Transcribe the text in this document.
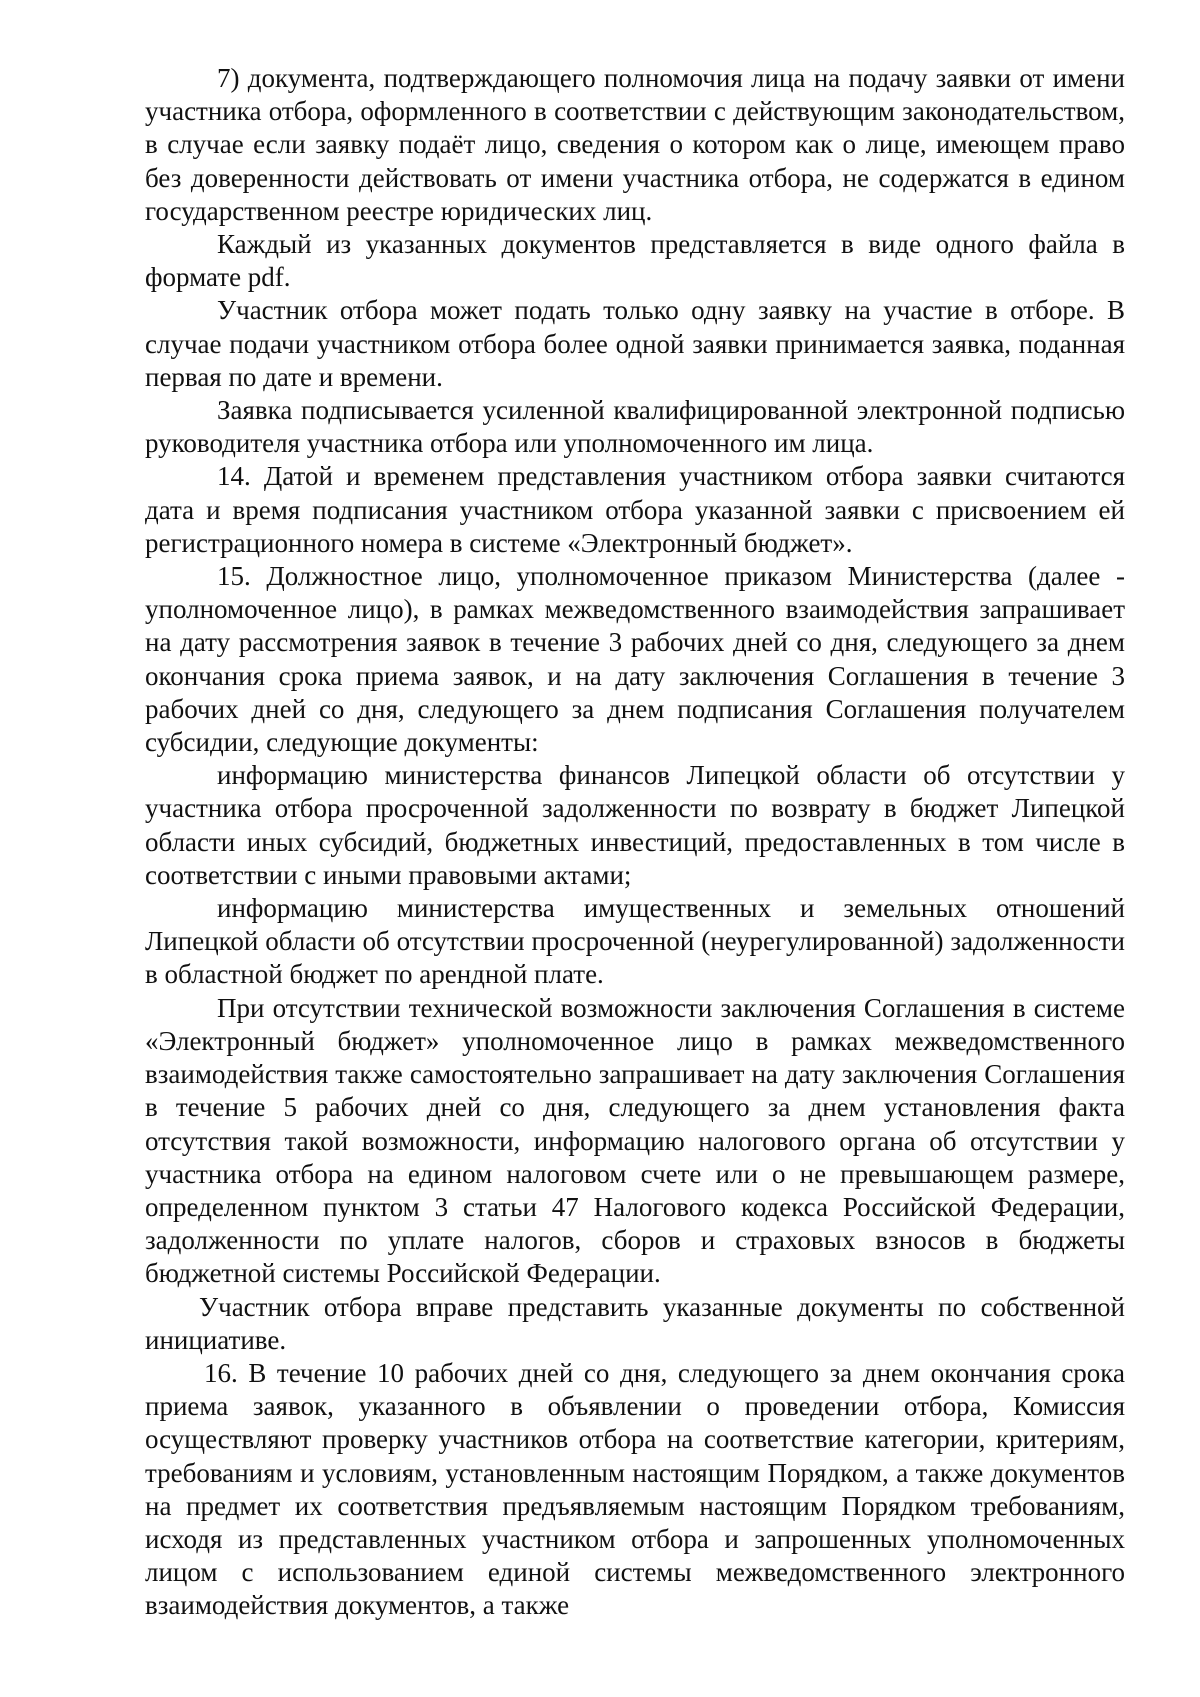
7) документа, подтверждающего полномочия лица на подачу заявки от имени участника отбора, оформленного в соответствии с действующим законодательством, в случае если заявку подаёт лицо, сведения о котором как о лице, имеющем право без доверенности действовать от имени участника отбора, не содержатся в едином государственном реестре юридических лиц.

Каждый из указанных документов представляется в виде одного файла в формате pdf.

Участник отбора может подать только одну заявку на участие в отборе. В случае подачи участником отбора более одной заявки принимается заявка, поданная первая по дате и времени.

Заявка подписывается усиленной квалифицированной электронной подписью руководителя участника отбора или уполномоченного им лица.

14. Датой и временем представления участником отбора заявки считаются дата и время подписания участником отбора указанной заявки с присвоением ей регистрационного номера в системе «Электронный бюджет».

15. Должностное лицо, уполномоченное приказом Министерства (далее - уполномоченное лицо), в рамках межведомственного взаимодействия запрашивает на дату рассмотрения заявок в течение 3 рабочих дней со дня, следующего за днем окончания срока приема заявок, и на дату заключения Соглашения в течение 3 рабочих дней со дня, следующего за днем подписания Соглашения получателем субсидии, следующие документы:

информацию министерства финансов Липецкой области об отсутствии у участника отбора просроченной задолженности по возврату в бюджет Липецкой области иных субсидий, бюджетных инвестиций, предоставленных в том числе в соответствии с иными правовыми актами;

информацию министерства имущественных и земельных отношений Липецкой области об отсутствии просроченной (неурегулированной) задолженности в областной бюджет по арендной плате.

При отсутствии технической возможности заключения Соглашения в системе «Электронный бюджет» уполномоченное лицо в рамках межведомственного взаимодействия также самостоятельно запрашивает на дату заключения Соглашения в течение 5 рабочих дней со дня, следующего за днем установления факта отсутствия такой возможности, информацию налогового органа об отсутствии у участника отбора на едином налоговом счете или о не превышающем размере, определенном пунктом 3 статьи 47 Налогового кодекса Российской Федерации, задолженности по уплате налогов, сборов и страховых взносов в бюджеты бюджетной системы Российской Федерации.

Участник отбора вправе представить указанные документы по собственной инициативе.

16. В течение 10 рабочих дней со дня, следующего за днем окончания срока приема заявок, указанного в объявлении о проведении отбора, Комиссия осуществляют проверку участников отбора на соответствие категории, критериям, требованиям и условиям, установленным настоящим Порядком, а также документов на предмет их соответствия предъявляемым настоящим Порядком требованиям, исходя из представленных участником отбора и запрошенных уполномоченных лицом с использованием единой системы межведомственного электронного взаимодействия документов, а также
